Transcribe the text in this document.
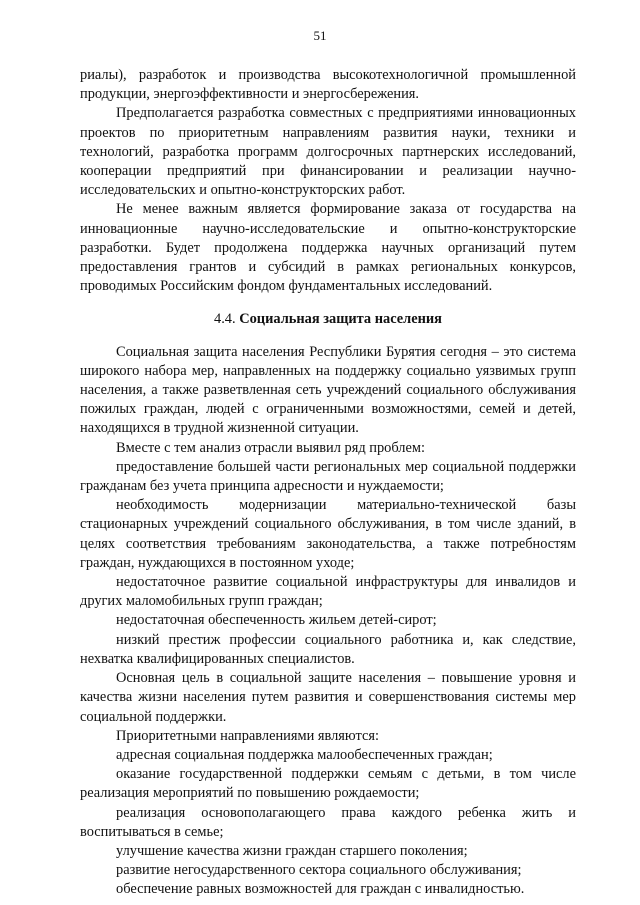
51

риалы), разработок и производства высокотехнологичной промышленной продукции, энергоэффективности и энергосбережения.

Предполагается разработка совместных с предприятиями инновационных проектов по приоритетным направлениям развития науки, техники и технологий, разработка программ долгосрочных партнерских исследований, кооперации предприятий при финансировании и реализации научно-исследовательских и опытно-конструкторских работ.

Не менее важным является формирование заказа от государства на инновационные научно-исследовательские и опытно-конструкторские разработки. Будет продолжена поддержка научных организаций путем предоставления грантов и субсидий в рамках региональных конкурсов, проводимых Российским фондом фундаментальных исследований.

4.4. Социальная защита населения

Социальная защита населения Республики Бурятия сегодня – это система широкого набора мер, направленных на поддержку социально уязвимых групп населения, а также разветвленная сеть учреждений социального обслуживания пожилых граждан, людей с ограниченными возможностями, семей и детей, находящихся в трудной жизненной ситуации.

Вместе с тем анализ отрасли выявил ряд проблем:

предоставление большей части региональных мер социальной поддержки гражданам без учета принципа адресности и нуждаемости;

необходимость модернизации материально-технической базы стационарных учреждений социального обслуживания, в том числе зданий, в целях соответствия требованиям законодательства, а также потребностям граждан, нуждающихся в постоянном уходе;

недостаточное развитие социальной инфраструктуры для инвалидов и других маломобильных групп граждан;

недостаточная обеспеченность жильем детей-сирот;

низкий престиж профессии социального работника и, как следствие, нехватка квалифицированных специалистов.

Основная цель в социальной защите населения – повышение уровня и качества жизни населения путем развития и совершенствования системы мер социальной поддержки.

Приоритетными направлениями являются:

адресная социальная поддержка малообеспеченных граждан;

оказание государственной поддержки семьям с детьми, в том числе реализация мероприятий по повышению рождаемости;

реализация основополагающего права каждого ребенка жить и воспитываться в семье;

улучшение качества жизни граждан старшего поколения;

развитие негосударственного сектора социального обслуживания;

обеспечение равных возможностей для граждан с инвалидностью.
